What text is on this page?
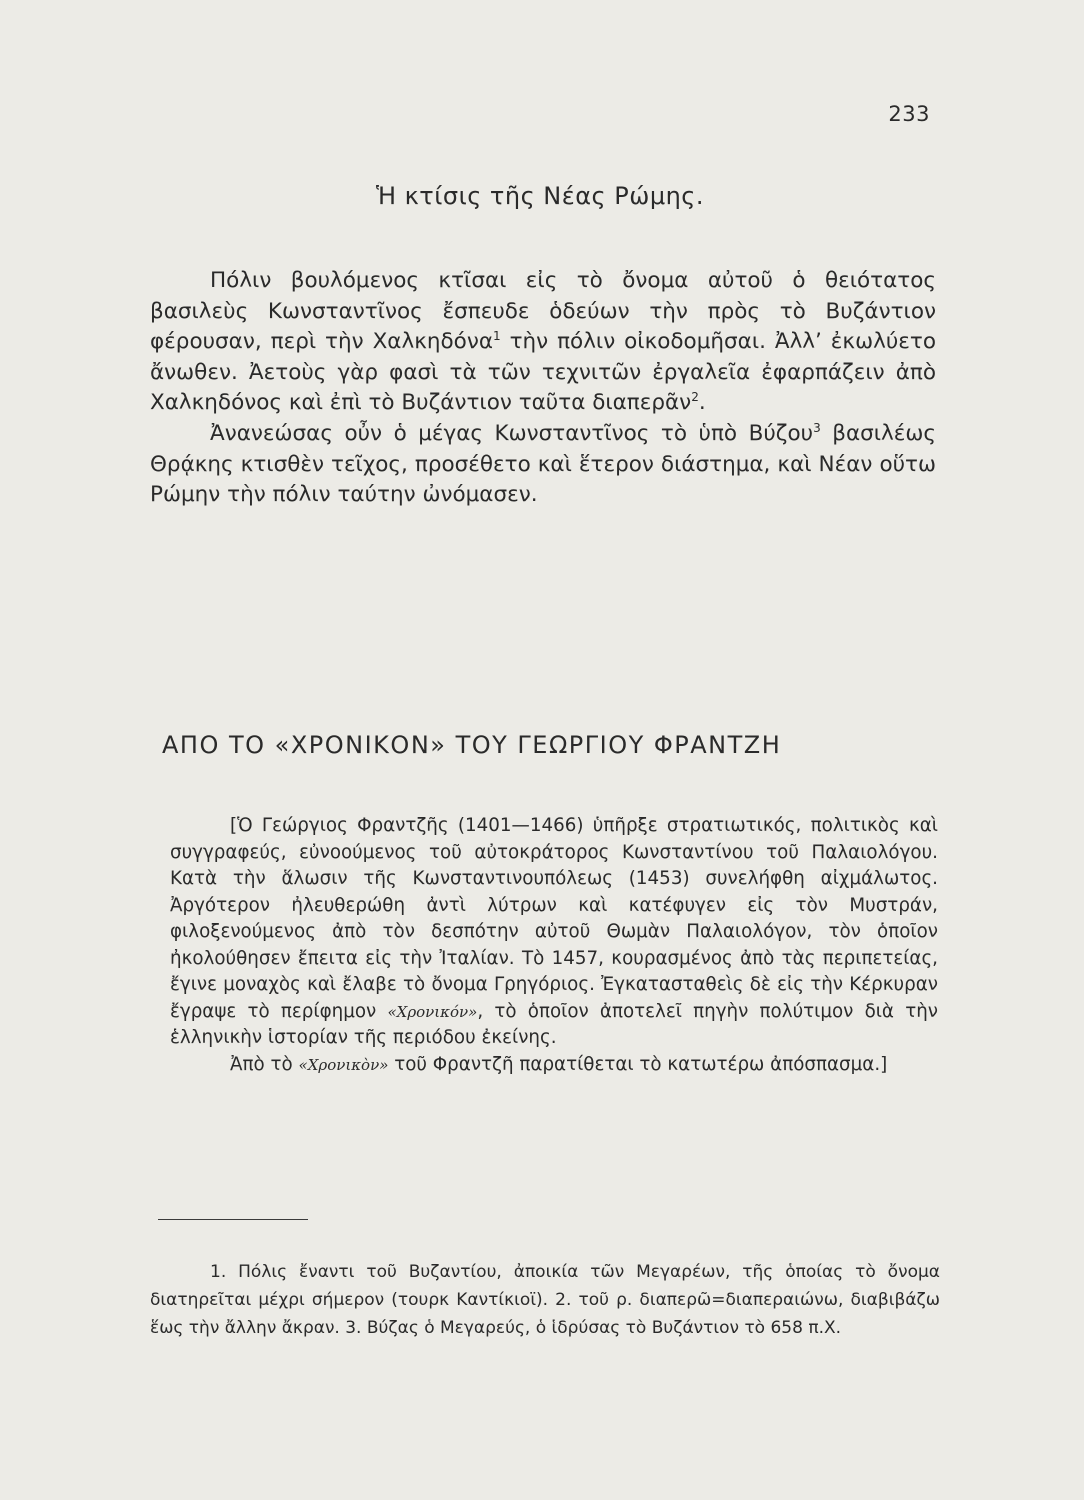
233
Ἡ κτίσις τῆς Νέας Ρώμης.

Πόλιν βουλόμενος κτῖσαι εἰς τὸ ὄνομα αὐτοῦ ὁ θειότατος βασιλεὺς Κωνσταντῖνος ἔσπευδε ὁδεύων τὴν πρὸς τὸ Βυζάντιον φέρουσαν, περὶ τὴν Χαλκηδόνα$^1$ τὴν πόλιν οἰκοδομῆσαι. Ἀλλ’ ἐκωλύετο ἄνωθεν. Ἀετοὺς γὰρ φασὶ τὰ τῶν τεχνιτῶν ἐργαλεῖα ἐφαρπάζειν ἀπὸ Χαλκηδόνος καὶ ἐπὶ τὸ Βυζάντιον ταῦτα διαπερᾶν$^2$.

Ἀνανεώσας οὖν ὁ μέγας Κωνσταντῖνος τὸ ὑπὸ Βύζου$^3$ βασιλέως Θρᾴκης κτισθὲν τεῖχος, προσέθετο καὶ ἕτερον διάστημα, καὶ Νέαν οὕτω Ρώμην τὴν πόλιν ταύτην ὠνόμασεν.

ΑΠΟ ΤΟ «ΧΡΟΝΙΚΟΝ» ΤΟΥ ΓΕΩΡΓΙΟΥ ΦΡΑΝΤΖΗ

[Ὁ Γεώργιος Φραντζῆς (1401—1466) ὑπῆρξε στρατιωτικός, πολιτικὸς καὶ συγγραφεύς, εὐνοούμενος τοῦ αὐτοκράτορος Κωνσταντίνου τοῦ Παλαιολόγου. Κατὰ τὴν ἅλωσιν τῆς Κωνσταντινουπόλεως (1453) συνελήφθη αἰχμάλωτος. Ἀργότερον ἠλευθερώθη ἀντὶ λύτρων καὶ κατέφυγεν εἰς τὸν Μυστράν, φιλοξενούμενος ἀπὸ τὸν δεσπότην αὐτοῦ Θωμὰν Παλαιολόγον, τὸν ὁποῖον ἠκολούθησεν ἔπειτα εἰς τὴν Ἰταλίαν. Τὸ 1457, κουρασμένος ἀπὸ τὰς περιπετείας, ἔγινε μοναχὸς καὶ ἔλαβε τὸ ὄνομα Γρηγόριος. Ἐγκατασταθεὶς δὲ εἰς τὴν Κέρκυραν ἔγραψε τὸ περίφημον «Χρονικόν», τὸ ὁποῖον ἀποτελεῖ πηγὴν πολύτιμον διὰ τὴν ἑλληνικὴν ἱστορίαν τῆς περιόδου ἐκείνης.

Ἀπὸ τὸ «Χρονικὸν» τοῦ Φραντζῆ παρατίθεται τὸ κατωτέρω ἀπόσπασμα.]

1. Πόλις ἔναντι τοῦ Βυζαντίου, ἀποικία τῶν Μεγαρέων, τῆς ὁποίας τὸ ὄνομα διατηρεῖται μέχρι σήμερον (τουρκ Καντίκιοϊ). 2. τοῦ ρ. διαπερῶ=διαπεραιώνω, διαβιβάζω ἕως τὴν ἄλλην ἄκραν. 3. Βύζας ὁ Μεγαρεύς, ὁ ἱδρύσας τὸ Βυζάντιον τὸ 658 π.Χ.
